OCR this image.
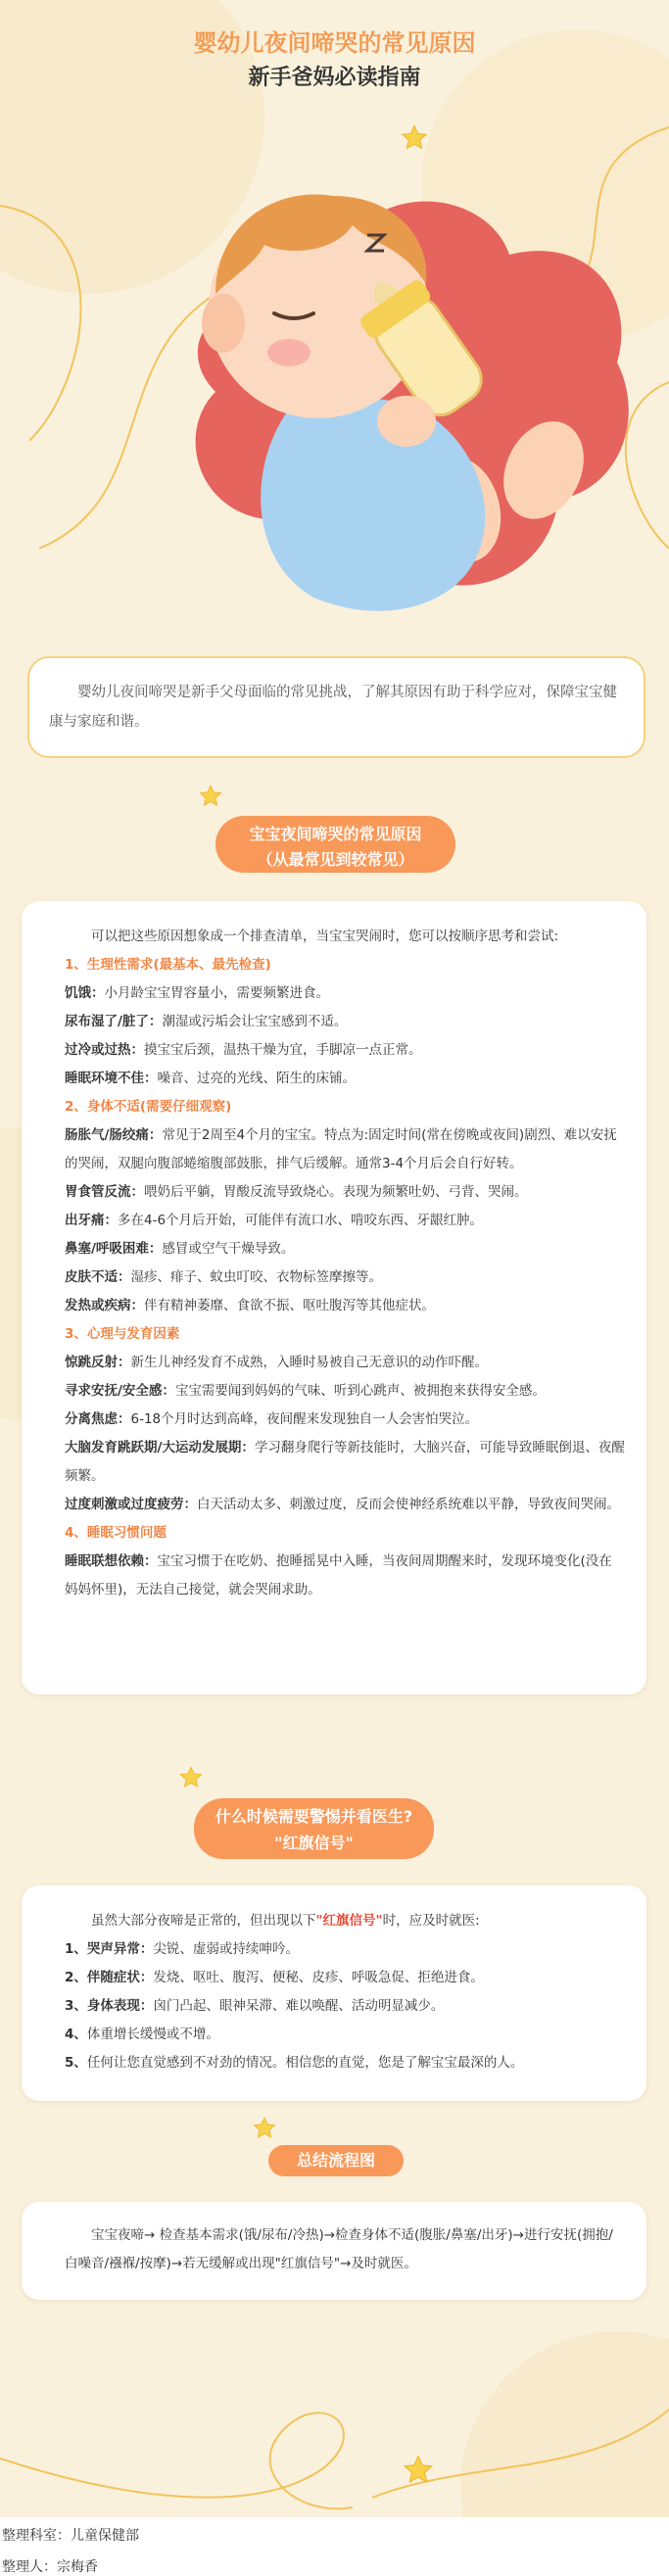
婴幼儿夜间啼哭的常见原因
新手爸妈必读指南

婴幼儿夜间啼哭是新手父母面临的常见挑战，了解其原因有助于科学应对，保障宝宝健康与家庭和谐。

宝宝夜间啼哭的常见原因
（从最常见到较常见）

可以把这些原因想象成一个排查清单，当宝宝哭闹时，您可以按顺序思考和尝试:

1、生理性需求(最基本、最先检查)

饥饿：小月龄宝宝胃容量小，需要频繁进食。

尿布湿了/脏了：潮湿或污垢会让宝宝感到不适。

过冷或过热：摸宝宝后颈，温热干燥为宜，手脚凉一点正常。

睡眠环境不佳：噪音、过亮的光线、陌生的床铺。

2、身体不适(需要仔细观察)

肠胀气/肠绞痛：常见于2周至4个月的宝宝。特点为:固定时间(常在傍晚或夜间)剧烈、难以安抚的哭闹，双腿向腹部蜷缩腹部鼓胀，排气后缓解。通常3-4个月后会自行好转。

胃食管反流：喂奶后平躺，胃酸反流导致烧心。表现为频繁吐奶、弓背、哭闹。

出牙痛：多在4-6个月后开始，可能伴有流口水、啃咬东西、牙龈红肿。

鼻塞/呼吸困难：感冒或空气干燥导致。

皮肤不适：湿疹、痱子、蚊虫叮咬、衣物标签摩擦等。

发热或疾病：伴有精神萎靡、食欲不振、呕吐腹泻等其他症状。

3、心理与发育因素

惊跳反射：新生儿神经发育不成熟，入睡时易被自己无意识的动作吓醒。

寻求安抚/安全感：宝宝需要闻到妈妈的气味、听到心跳声、被拥抱来获得安全感。

分离焦虑：6-18个月时达到高峰，夜间醒来发现独自一人会害怕哭泣。

大脑发育跳跃期/大运动发展期：学习翻身爬行等新技能时，大脑兴奋，可能导致睡眠倒退、夜醒频繁。

过度刺激或过度疲劳：白天活动太多、刺激过度，反而会使神经系统难以平静，导致夜间哭闹。

4、睡眠习惯问题

睡眠联想依赖：宝宝习惯于在吃奶、抱睡摇晃中入睡，当夜间周期醒来时，发现环境变化(没在妈妈怀里)，无法自己接觉，就会哭闹求助。

什么时候需要警惕并看医生?
"红旗信号"

虽然大部分夜啼是正常的，但出现以下"红旗信号"时，应及时就医:

1、哭声异常：尖锐、虚弱或持续呻吟。

2、伴随症状：发烧、呕吐、腹泻、便秘、皮疹、呼吸急促、拒绝进食。

3、身体表现：囟门凸起、眼神呆滞、难以唤醒、活动明显减少。

4、体重增长缓慢或不增。

5、任何让您直觉感到不对劲的情况。相信您的直觉，您是了解宝宝最深的人。

总结流程图

宝宝夜啼→ 检查基本需求(饿/尿布/冷热)→检查身体不适(腹胀/鼻塞/出牙)→进行安抚(拥抱/白噪音/襁褓/按摩)→若无缓解或出现"红旗信号"→及时就医。

整理科室：儿童保健部
整理人：宗梅香
